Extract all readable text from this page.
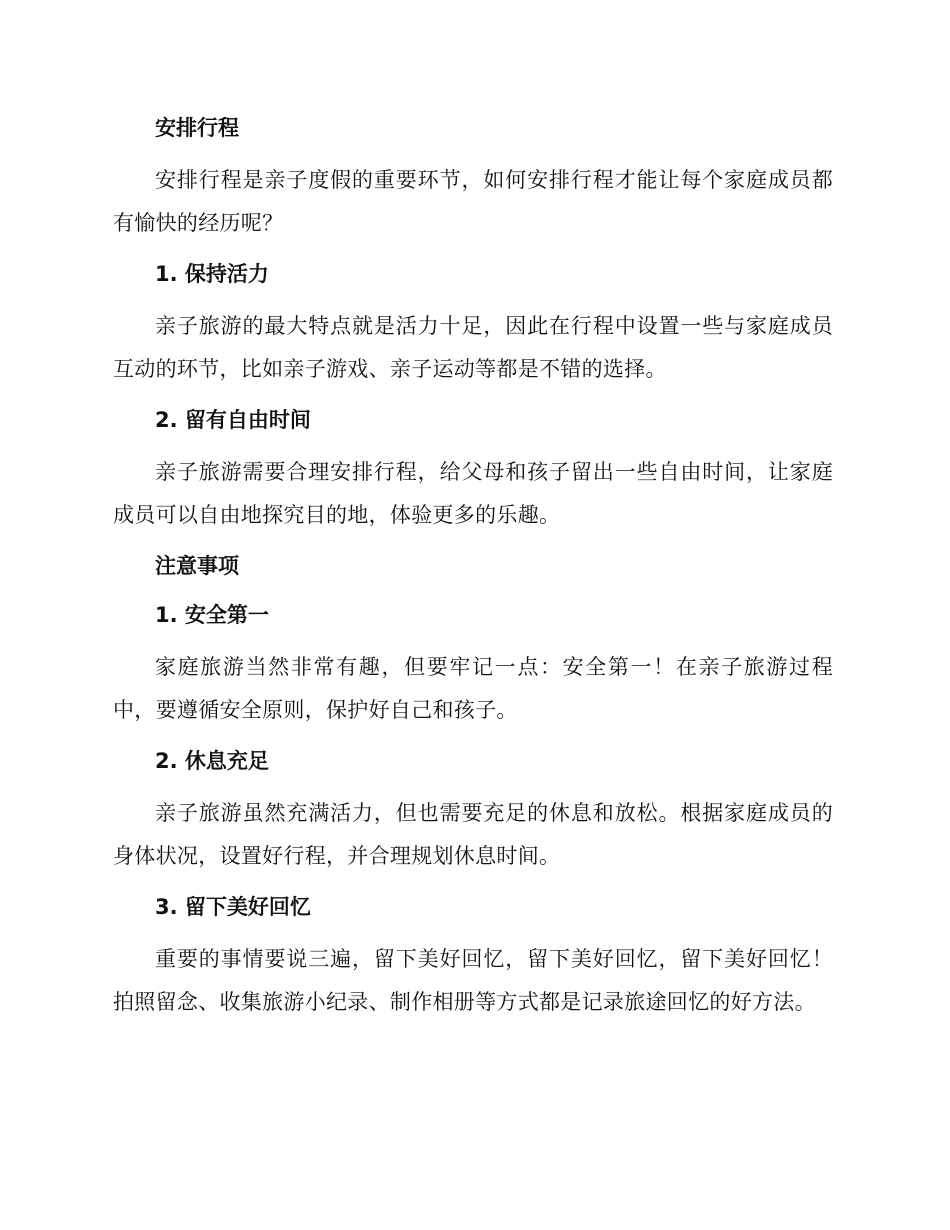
安排行程

安排行程是亲子度假的重要环节，如何安排行程才能让每个家庭成员都有愉快的经历呢？

1. 保持活力

亲子旅游的最大特点就是活力十足，因此在行程中设置一些与家庭成员互动的环节，比如亲子游戏、亲子运动等都是不错的选择。

2. 留有自由时间

亲子旅游需要合理安排行程，给父母和孩子留出一些自由时间，让家庭成员可以自由地探究目的地，体验更多的乐趣。

注意事项
1. 安全第一

家庭旅游当然非常有趣，但要牢记一点：安全第一！在亲子旅游过程中，要遵循安全原则，保护好自己和孩子。

2. 休息充足

亲子旅游虽然充满活力，但也需要充足的休息和放松。根据家庭成员的身体状况，设置好行程，并合理规划休息时间。

3. 留下美好回忆

重要的事情要说三遍，留下美好回忆，留下美好回忆，留下美好回忆！拍照留念、收集旅游小纪录、制作相册等方式都是记录旅途回忆的好方法。
